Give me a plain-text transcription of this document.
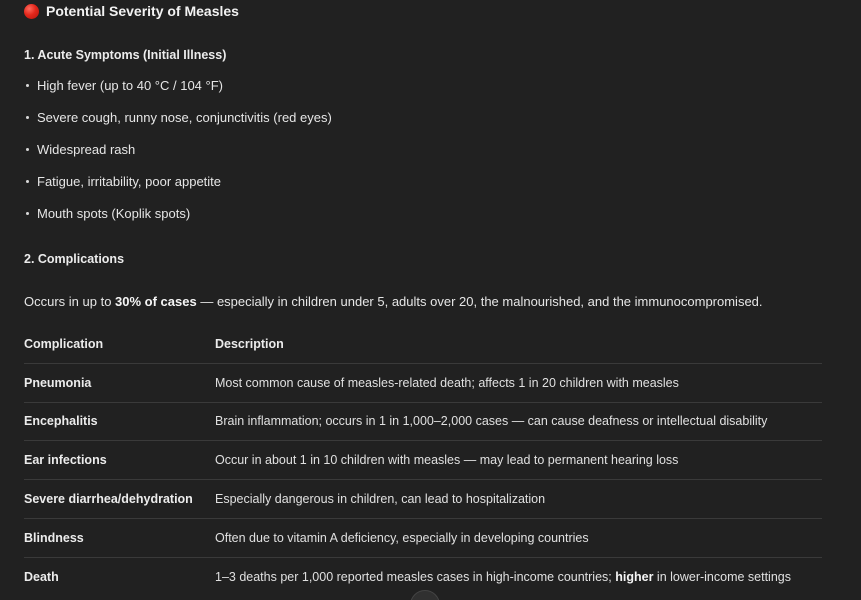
Potential Severity of Measles
1. Acute Symptoms (Initial Illness)
High fever (up to 40 °C / 104 °F)
Severe cough, runny nose, conjunctivitis (red eyes)
Widespread rash
Fatigue, irritability, poor appetite
Mouth spots (Koplik spots)
2. Complications
Occurs in up to 30% of cases — especially in children under 5, adults over 20, the malnourished, and the immunocompromised.
Complication	Description
Pneumonia	Most common cause of measles-related death; affects 1 in 20 children with measles
Encephalitis	Brain inflammation; occurs in 1 in 1,000–2,000 cases — can cause deafness or intellectual disability
Ear infections	Occur in about 1 in 10 children with measles — may lead to permanent hearing loss
Severe diarrhea/dehydration	Especially dangerous in children, can lead to hospitalization
Blindness	Often due to vitamin A deficiency, especially in developing countries
Death	1–3 deaths per 1,000 reported measles cases in high-income countries; higher in lower-income settings
